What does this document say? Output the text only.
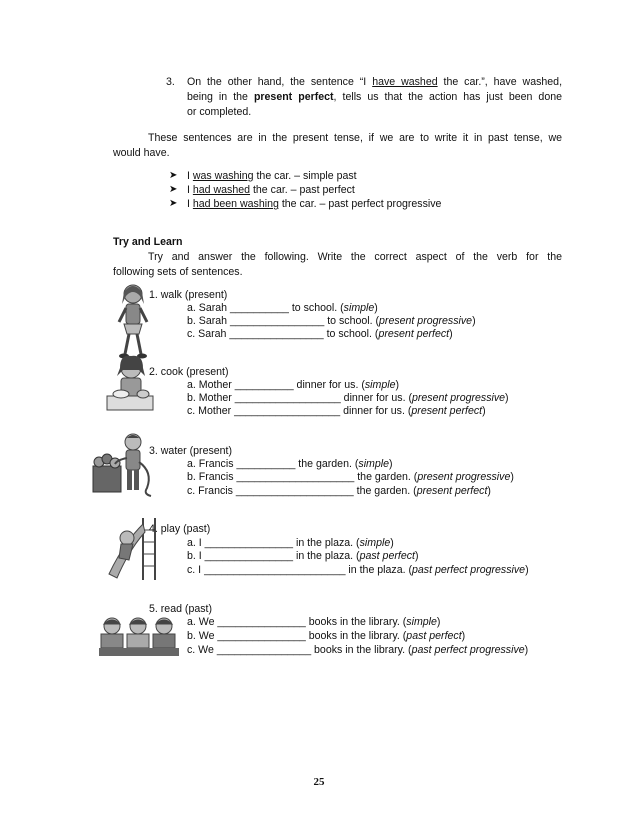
3. On the other hand, the sentence “I have washed the car.”, have washed,
being in the present perfect, tells us that the action has just been done
or completed.
These sentences are in the present tense, if we are to write it in past tense, we
would have.
➤ I was washing the car. – simple past
➤ I had washed the car. – past perfect
➤ I had been washing the car. – past perfect progressive
Try and Learn
Try and answer the following. Write the correct aspect of the verb for the
following sets of sentences.
1. walk (present)
a. Sarah __________ to school. (simple)
b. Sarah ________________ to school. (present progressive)
c. Sarah ________________ to school. (present perfect)
2. cook (present)
a. Mother __________ dinner for us. (simple)
b. Mother __________________ dinner for us. (present progressive)
c. Mother __________________ dinner for us. (present perfect)
3. water (present)
a. Francis __________ the garden. (simple)
b. Francis ____________________ the garden. (present progressive)
c. Francis ____________________ the garden. (present perfect)
4. play (past)
a. I _______________ in the plaza. (simple)
b. I _______________ in the plaza. (past perfect)
c. I ________________________ in the plaza. (past perfect progressive)
5. read (past)
a. We _______________ books in the library. (simple)
b. We _______________ books in the library. (past perfect)
c. We ________________ books in the library. (past perfect progressive)
25
